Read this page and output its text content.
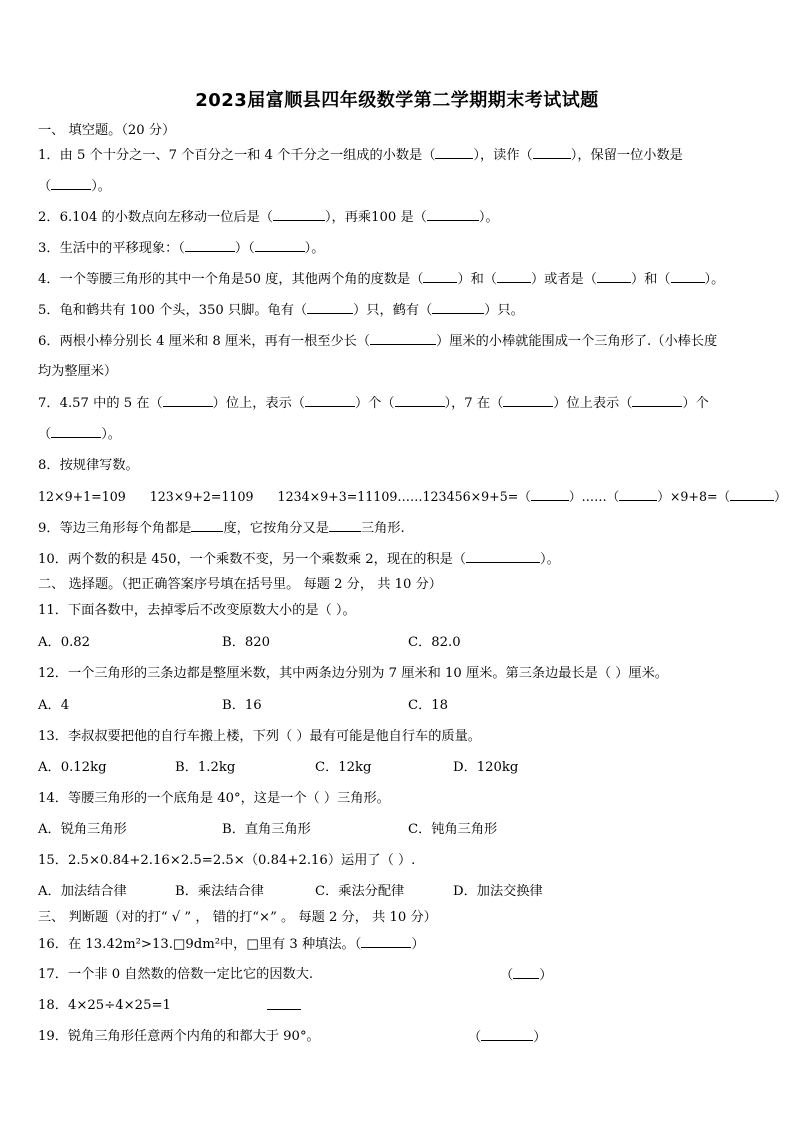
2023届富顺县四年级数学第二学期期末考试试题
一、 填空题。（20 分）
1．由 5 个十分之一、7 个百分之一和 4 个千分之一组成的小数是（	），读作（	），保留一位小数是
（	）。
2．6.104 的小数点向左移动一位后是（	），再乘100 是（	）。
3．生活中的平移现象：（	）（	）。
4．一个等腰三角形的其中一个角是50 度，其他两个角的度数是（	）和（	）或者是（	）和（	）。
5．龟和鹤共有 100 个头，350 只脚。龟有（	）只，鹤有（	）只。
6．两根小棒分别长 4 厘米和 8 厘米，再有一根至少长（	）厘米的小棒就能围成一个三角形了.（小棒长度
均为整厘米）
7．4.57 中的 5 在（	）位上，表示（	）个（	），7 在（	）位上表示（	）个
（	）。
8．按规律写数。
12×9+1=109      123×9+2=1109      1234×9+3=11109……123456×9+5=（	）……（	）×9+8=（	）
9．等边三角形每个角都是 度，它按角分又是 三角形.
10．两个数的积是 450，一个乘数不变，另一个乘数乘 2，现在的积是（	）。
二、 选择题。（把正确答案序号填在括号里。 每题 2 分， 共 10 分）
11．下面各数中，去掉零后不改变原数大小的是（ ）。
A．0.82	B．820	C．82.0
12．一个三角形的三条边都是整厘米数，其中两条边分别为 7 厘米和 10 厘米。第三条边最长是（ ）厘米。
A．4	B．16	C．18
13．李叔叔要把他的自行车搬上楼，下列（ ）最有可能是他自行车的质量。
A．0.12kg	B．1.2kg	C．12kg	D．120kg
14．等腰三角形的一个底角是 40°，这是一个（ ）三角形。
A．锐角三角形	B．直角三角形	C．钝角三角形
15．2.5×0.84+2.16×2.5=2.5×（0.84+2.16）运用了（ ）.
A．加法结合律	B．乘法结合律	C．乘法分配律	D．加法交换律
三、 判断题（对的打“ √ ” ， 错的打“×” 。 每题 2 分， 共 10 分）
16．在 13.42m²>13.□9dm²中，□里有 3 种填法。（	）
17．一个非 0 自然数的倍数一定比它的因数大.	（ ）
18．4×25÷4×25=1
19．锐角三角形任意两个内角的和都大于 90°。	（	）
